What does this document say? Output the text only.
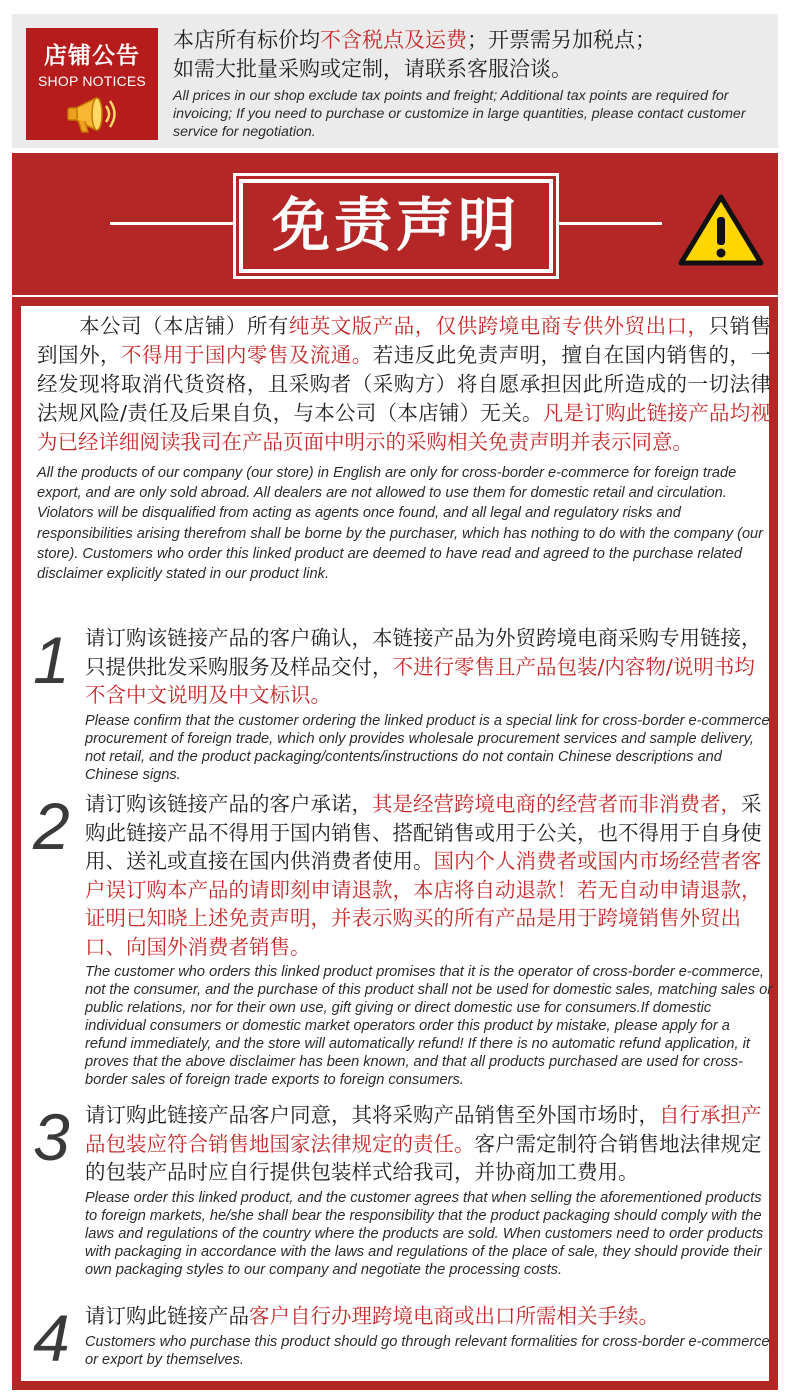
店铺公告
SHOP NOTICES
本店所有标价均不含税点及运费；开票需另加税点；
如需大批量采购或定制，请联系客服洽谈。
All prices in our shop exclude tax points and freight; Additional tax points are required for invoicing; If you need to purchase or customize in large quantities, please contact customer service for negotiation.
免责声明
本公司（本店铺）所有纯英文版产品，仅供跨境电商专供外贸出口，只销售到国外，不得用于国内零售及流通。若违反此免责声明，擅自在国内销售的，一经发现将取消代货资格，且采购者（采购方）将自愿承担因此所造成的一切法律法规风险/责任及后果自负，与本公司（本店铺）无关。凡是订购此链接产品均视为已经详细阅读我司在产品页面中明示的采购相关免责声明并表示同意。
All the products of our company (our store) in English are only for cross-border e-commerce for foreign trade export, and are only sold abroad. All dealers are not allowed to use them for domestic retail and circulation. Violators will be disqualified from acting as agents once found, and all legal and regulatory risks and responsibilities arising therefrom shall be borne by the purchaser, which has nothing to do with the company (our store). Customers who order this linked product are deemed to have read and agreed to the purchase related disclaimer explicitly stated in our product link.
1 请订购该链接产品的客户确认，本链接产品为外贸跨境电商采购专用链接，只提供批发采购服务及样品交付，不进行零售且产品包装/内容物/说明书均不含中文说明及中文标识。
Please confirm that the customer ordering the linked product is a special link for cross-border e-commerce procurement of foreign trade, which only provides wholesale procurement services and sample delivery, not retail, and the product packaging/contents/instructions do not contain Chinese descriptions and Chinese signs.
2 请订购该链接产品的客户承诺，其是经营跨境电商的经营者而非消费者，采购此链接产品不得用于国内销售、搭配销售或用于公关，也不得用于自身使用、送礼或直接在国内供消费者使用。国内个人消费者或国内市场经营者客户误订购本产品的请即刻申请退款，本店将自动退款！若无自动申请退款，证明已知晓上述免责声明，并表示购买的所有产品是用于跨境销售外贸出口、向国外消费者销售。
The customer who orders this linked product promises that it is the operator of cross-border e-commerce, not the consumer, and the purchase of this product shall not be used for domestic sales, matching sales or public relations, nor for their own use, gift giving or direct domestic use for consumers.If domestic individual consumers or domestic market operators order this product by mistake, please apply for a refund immediately, and the store will automatically refund! If there is no automatic refund application, it proves that the above disclaimer has been known, and that all products purchased are used for cross-border sales of foreign trade exports to foreign consumers.
3 请订购此链接产品客户同意，其将采购产品销售至外国市场时，自行承担产品包装应符合销售地国家法律规定的责任。客户需定制符合销售地法律规定的包装产品时应自行提供包装样式给我司，并协商加工费用。
Please order this linked product, and the customer agrees that when selling the aforementioned products to foreign markets, he/she shall bear the responsibility that the product packaging should comply with the laws and regulations of the country where the products are sold. When customers need to order products with packaging in accordance with the laws and regulations of the place of sale, they should provide their own packaging styles to our company and negotiate the processing costs.
4 请订购此链接产品客户自行办理跨境电商或出口所需相关手续。
Customers who purchase this product should go through relevant formalities for cross-border e-commerce or export by themselves.
